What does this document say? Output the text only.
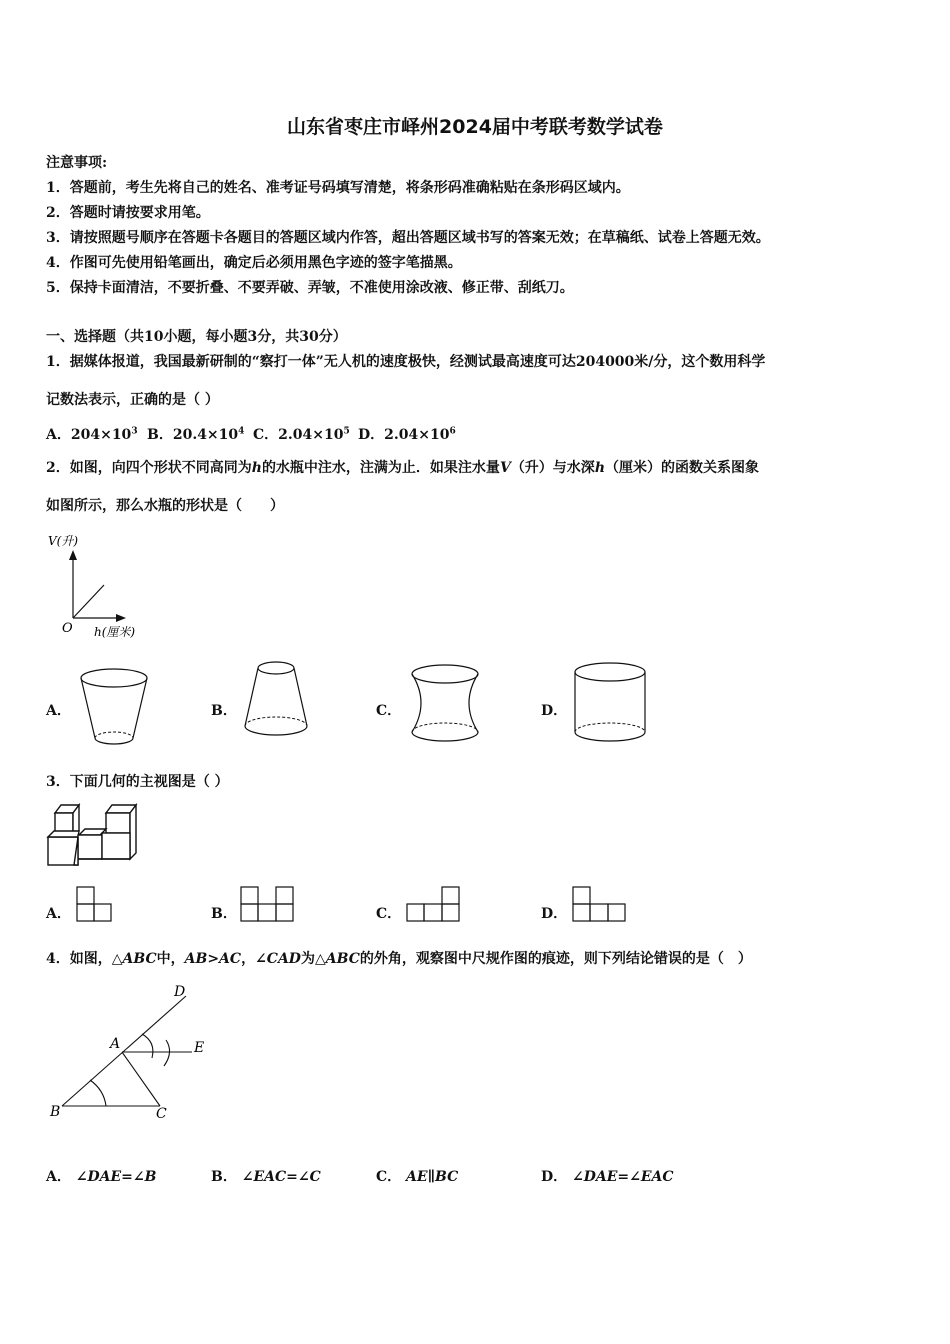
山东省枣庄市峄州2024届中考联考数学试卷
注意事项:
1．答题前，考生先将自己的姓名、准考证号码填写清楚，将条形码准确粘贴在条形码区域内。
2．答题时请按要求用笔。
3．请按照题号顺序在答题卡各题目的答题区域内作答，超出答题区域书写的答案无效；在草稿纸、试卷上答题无效。
4．作图可先使用铅笔画出，确定后必须用黑色字迹的签字笔描黑。
5．保持卡面清洁，不要折叠、不要弄破、弄皱，不准使用涂改液、修正带、刮纸刀。
一、选择题（共10小题，每小题3分，共30分）
1．据媒体报道，我国最新研制的“察打一体”无人机的速度极快，经测试最高速度可达204000米/分，这个数用科学
记数法表示，正确的是（ ）
A．$204\times 10^3$ B．$20.4\times 10^4$ C．$2.04\times 10^5$ D．$2.04\times 10^6$
2．如图，向四个形状不同高同为h的水瓶中注水，注满为止．如果注水量V（升）与水深h（厘米）的函数关系图象
如图所示，那么水瓶的形状是（　　）
V(升)
O h(厘米)
A．	B．	C．	D．
3．下面几何的主视图是（ ）
A．	B．	C．	D．
4．如图，△ABC中，AB>AC，∠CAD为△ABC的外角，观察图中尺规作图的痕迹，则下列结论错误的是（　）
D
A	E
B	C
A． ∠DAE=∠B	B． ∠EAC=∠C	C． AE∥BC	D． ∠DAE=∠EAC
